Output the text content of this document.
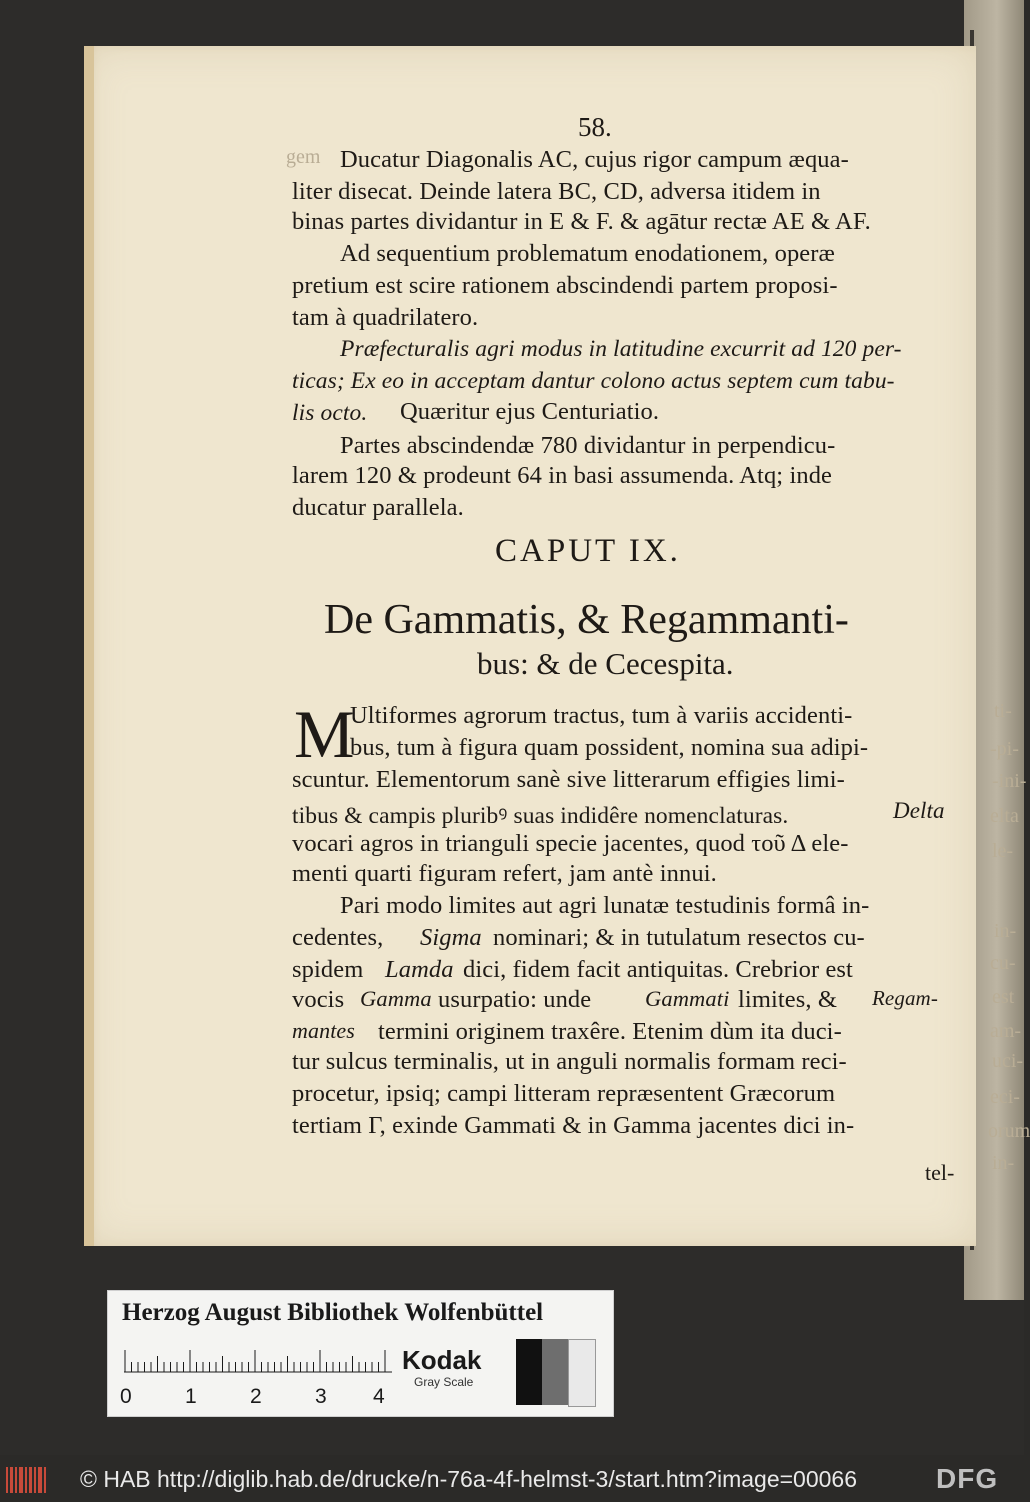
gem
ti-
-pi-
-ini-
elta
le-
in-
cu-
est
am-
uci-
eci-
orum
in-
58.
Ducatur Diagonalis AC, cujus rigor campum æqua-
liter disecat. Deinde latera BC, CD, adversa itidem in
binas partes dividantur in E & F. & agātur rectæ AE & AF.
Ad sequentium problematum enodationem, operæ
pretium est scire rationem abscindendi partem proposi-
tam à quadrilatero.
Præfecturalis agri modus in latitudine excurrit ad 120 per-
ticas; Ex eo in acceptam dantur colono actus septem cum tabu-
lis octo. Quæritur ejus Centuriatio.
Partes abscindendæ 780 dividantur in perpendicu-
larem 120 & prodeunt 64 in basi assumenda. Atq; inde
ducatur parallela.
CAPUT IX.
De Gammatis, & Regammanti-
bus: & de Cecespita.
M
Ultiformes agrorum tractus, tum à variis accidenti-
bus, tum à figura quam possident, nomina sua adipi-
scuntur. Elementorum sanè sive litterarum effigies limi-
tibus & campis pluribꝰ suas indidêre nomenclaturas.	Delta
vocari agros in trianguli specie jacentes, quod τοῦ Δ ele-
menti quarti figuram refert, jam antè innui.
Pari modo limites aut agri lunatæ testudinis formâ in-
cedentes, Sigma nominari; & in tutulatum resectos cu-
spidem Lamda dici, fidem facit antiquitas. Crebrior est
vocis Gamma usurpatio: unde Gammati limites, & Regam-
mantes termini originem traxêre. Etenim dùm ita duci-
tur sulcus terminalis, ut in anguli normalis formam reci-
procetur, ipsiq; campi litteram repræsentent Græcorum
tertiam Γ, exinde Gammati & in Gamma jacentes dici in-
tel-
Herzog August Bibliothek Wolfenbüttel
0	1	2	3 4
Kodak
Gray Scale
© HAB http://diglib.hab.de/drucke/n-76a-4f-helmst-3/start.htm?image=00066	DFG
